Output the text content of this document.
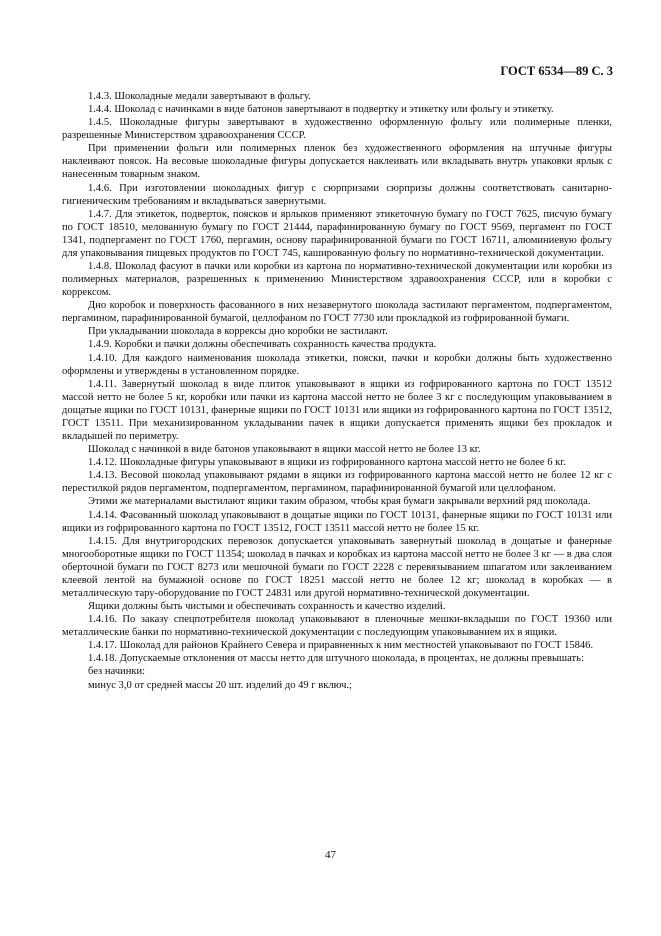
ГОСТ 6534—89 С. 3

1.4.3. Шоколадные медали завертывают в фольгу.

1.4.4. Шоколад с начинками в виде батонов завертывают в подвертку и этикетку или фольгу и этикетку.

1.4.5. Шоколадные фигуры завертывают в художественно оформленную фольгу или полимерные пленки, разрешенные Министерством здравоохранения СССР.

При применении фольги или полимерных пленок без художественного оформления на штучные фигуры наклеивают поясок. На весовые шоколадные фигуры допускается наклеивать или вкладывать внутрь упаковки ярлык с нанесенным товарным знаком.

1.4.6. При изготовлении шоколадных фигур с сюрпризами сюрпризы должны соответствовать санитарно-гигиеническим требованиям и вкладываться завернутыми.

1.4.7. Для этикеток, подверток, поясков и ярлыков применяют этикеточную бумагу по ГОСТ 7625, писчую бумагу по ГОСТ 18510, мелованную бумагу по ГОСТ 21444, парафинированную бумагу по ГОСТ 9569, пергамент по ГОСТ 1341, подпергамент по ГОСТ 1760, пергамин, основу парафинированной бумаги по ГОСТ 16711, алюминиевую фольгу для упаковывания пищевых продуктов по ГОСТ 745, кашированную фольгу по нормативно-технической документации.

1.4.8. Шоколад фасуют в пачки или коробки из картона по нормативно-технической документации или коробки из полимерных материалов, разрешенных к применению Министерством здравоохранения СССР, или в коробки с коррексом.

Дно коробок и поверхность фасованного в них незавернутого шоколада застилают пергаментом, подпергаментом, пергамином, парафинированной бумагой, целлофаном по ГОСТ 7730 или прокладкой из гофрированной бумаги.

При укладывании шоколада в коррексы дно коробки не застилают.

1.4.9. Коробки и пачки должны обеспечивать сохранность качества продукта.

1.4.10. Для каждого наименования шоколада этикетки, пояски, пачки и коробки должны быть художественно оформлены и утверждены в установленном порядке.

1.4.11. Завернутый шоколад в виде плиток упаковывают в ящики из гофрированного картона по ГОСТ 13512 массой нетто не более 5 кг, коробки или пачки из картона массой нетто не более 3 кг с последующим упаковыванием в дощатые ящики по ГОСТ 10131, фанерные ящики по ГОСТ 10131 или ящики из гофрированного картона по ГОСТ 13512, ГОСТ 13511. При механизированном укладывании пачек в ящики допускается применять ящики без прокладок и вкладышей по периметру.

Шоколад с начинкой в виде батонов упаковывают в ящики массой нетто не более 13 кг.

1.4.12. Шоколадные фигуры упаковывают в ящики из гофрированного картона массой нетто не более 6 кг.

1.4.13. Весовой шоколад упаковывают рядами в ящики из гофрированного картона массой нетто не более 12 кг с перестилкой рядов пергаментом, подпергаментом, пергамином, парафинированной бумагой или целлофаном.

Этими же материалами выстилают ящики таким образом, чтобы края бумаги закрывали верхний ряд шоколада.

1.4.14. Фасованный шоколад упаковывают в дощатые ящики по ГОСТ 10131, фанерные ящики по ГОСТ 10131 или ящики из гофрированного картона по ГОСТ 13512, ГОСТ 13511 массой нетто не более 15 кг.

1.4.15. Для внутригородских перевозок допускается упаковывать завернутый шоколад в дощатые и фанерные многооборотные ящики по ГОСТ 11354; шоколад в пачках и коробках из картона массой нетто не более 3 кг — в два слоя оберточной бумаги по ГОСТ 8273 или мешочной бумаги по ГОСТ 2228 с перевязыванием шпагатом или заклеиванием клеевой лентой на бумажной основе по ГОСТ 18251 массой нетто не более 12 кг; шоколад в коробках — в металлическую тару-оборудование по ГОСТ 24831 или другой нормативно-технической документации.

Ящики должны быть чистыми и обеспечивать сохранность и качество изделий.

1.4.16. По заказу спецпотребителя шоколад упаковывают в пленочные мешки-вкладыши по ГОСТ 19360 или металлические банки по нормативно-технической документации с последующим упаковыванием их в ящики.

1.4.17. Шоколад для районов Крайнего Севера и приравненных к ним местностей упаковывают по ГОСТ 15846.

1.4.18. Допускаемые отклонения от массы нетто для штучного шоколада, в процентах, не должны превышать:

без начинки:

минус 3,0 от средней массы 20 шт. изделий до 49 г включ.;

47
